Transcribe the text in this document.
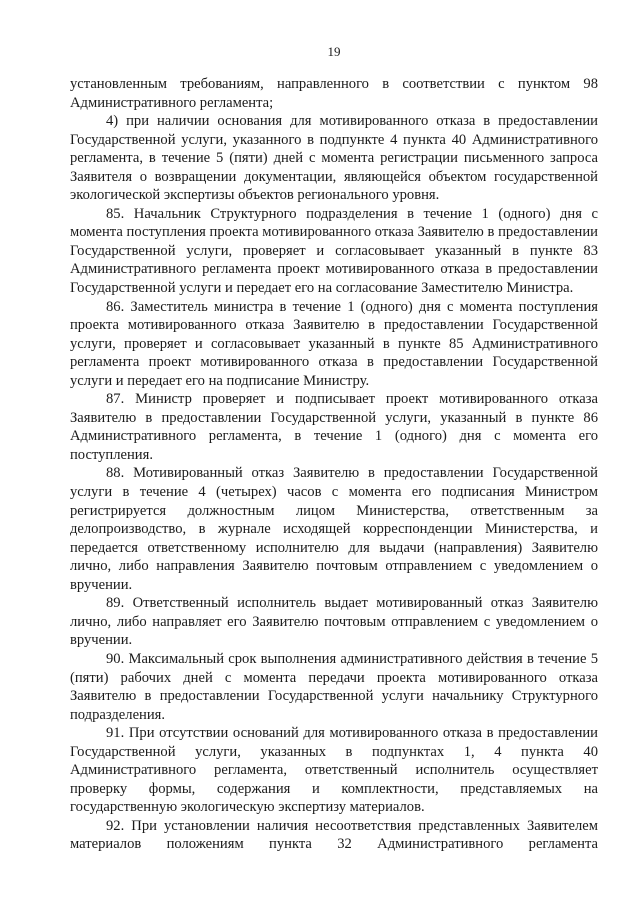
19

установленным требованиям, направленного в соответствии с пунктом 98 Административного регламента;

4) при наличии основания для мотивированного отказа в предоставлении Государственной услуги, указанного в подпункте 4 пункта 40 Административного регламента, в течение 5 (пяти) дней с момента регистрации письменного запроса Заявителя о возвращении документации, являющейся объектом государственной экологической экспертизы объектов регионального уровня.

85. Начальник Структурного подразделения в течение 1 (одного) дня с момента поступления проекта мотивированного отказа Заявителю в предоставлении Государственной услуги, проверяет и согласовывает указанный в пункте 83 Административного регламента проект мотивированного отказа в предоставлении Государственной услуги и передает его на согласование Заместителю Министра.

86. Заместитель министра в течение 1 (одного) дня с момента поступления проекта мотивированного отказа Заявителю в предоставлении Государственной услуги, проверяет и согласовывает указанный в пункте 85 Административного регламента проект мотивированного отказа в предоставлении Государственной услуги и передает его на подписание Министру.

87. Министр проверяет и подписывает проект мотивированного отказа Заявителю в предоставлении Государственной услуги, указанный в пункте 86 Административного регламента, в течение 1 (одного) дня с момента его поступления.

88. Мотивированный отказ Заявителю в предоставлении Государственной услуги в течение 4 (четырех) часов с момента его подписания Министром регистрируется должностным лицом Министерства, ответственным за делопроизводство, в журнале исходящей корреспонденции Министерства, и передается ответственному исполнителю для выдачи (направления) Заявителю лично, либо направления Заявителю почтовым отправлением с уведомлением о вручении.

89. Ответственный исполнитель выдает мотивированный отказ Заявителю лично, либо направляет его Заявителю почтовым отправлением с уведомлением о вручении.

90. Максимальный срок выполнения административного действия в течение 5 (пяти) рабочих дней с момента передачи проекта мотивированного отказа Заявителю в предоставлении Государственной услуги начальнику Структурного подразделения.

91. При отсутствии оснований для мотивированного отказа в предоставлении Государственной услуги, указанных в подпунктах 1, 4 пункта 40 Административного регламента, ответственный исполнитель осуществляет проверку формы, содержания и комплектности, представляемых на государственную экологическую экспертизу материалов.

92. При установлении наличия несоответствия представленных Заявителем материалов положениям пункта 32 Административного регламента
